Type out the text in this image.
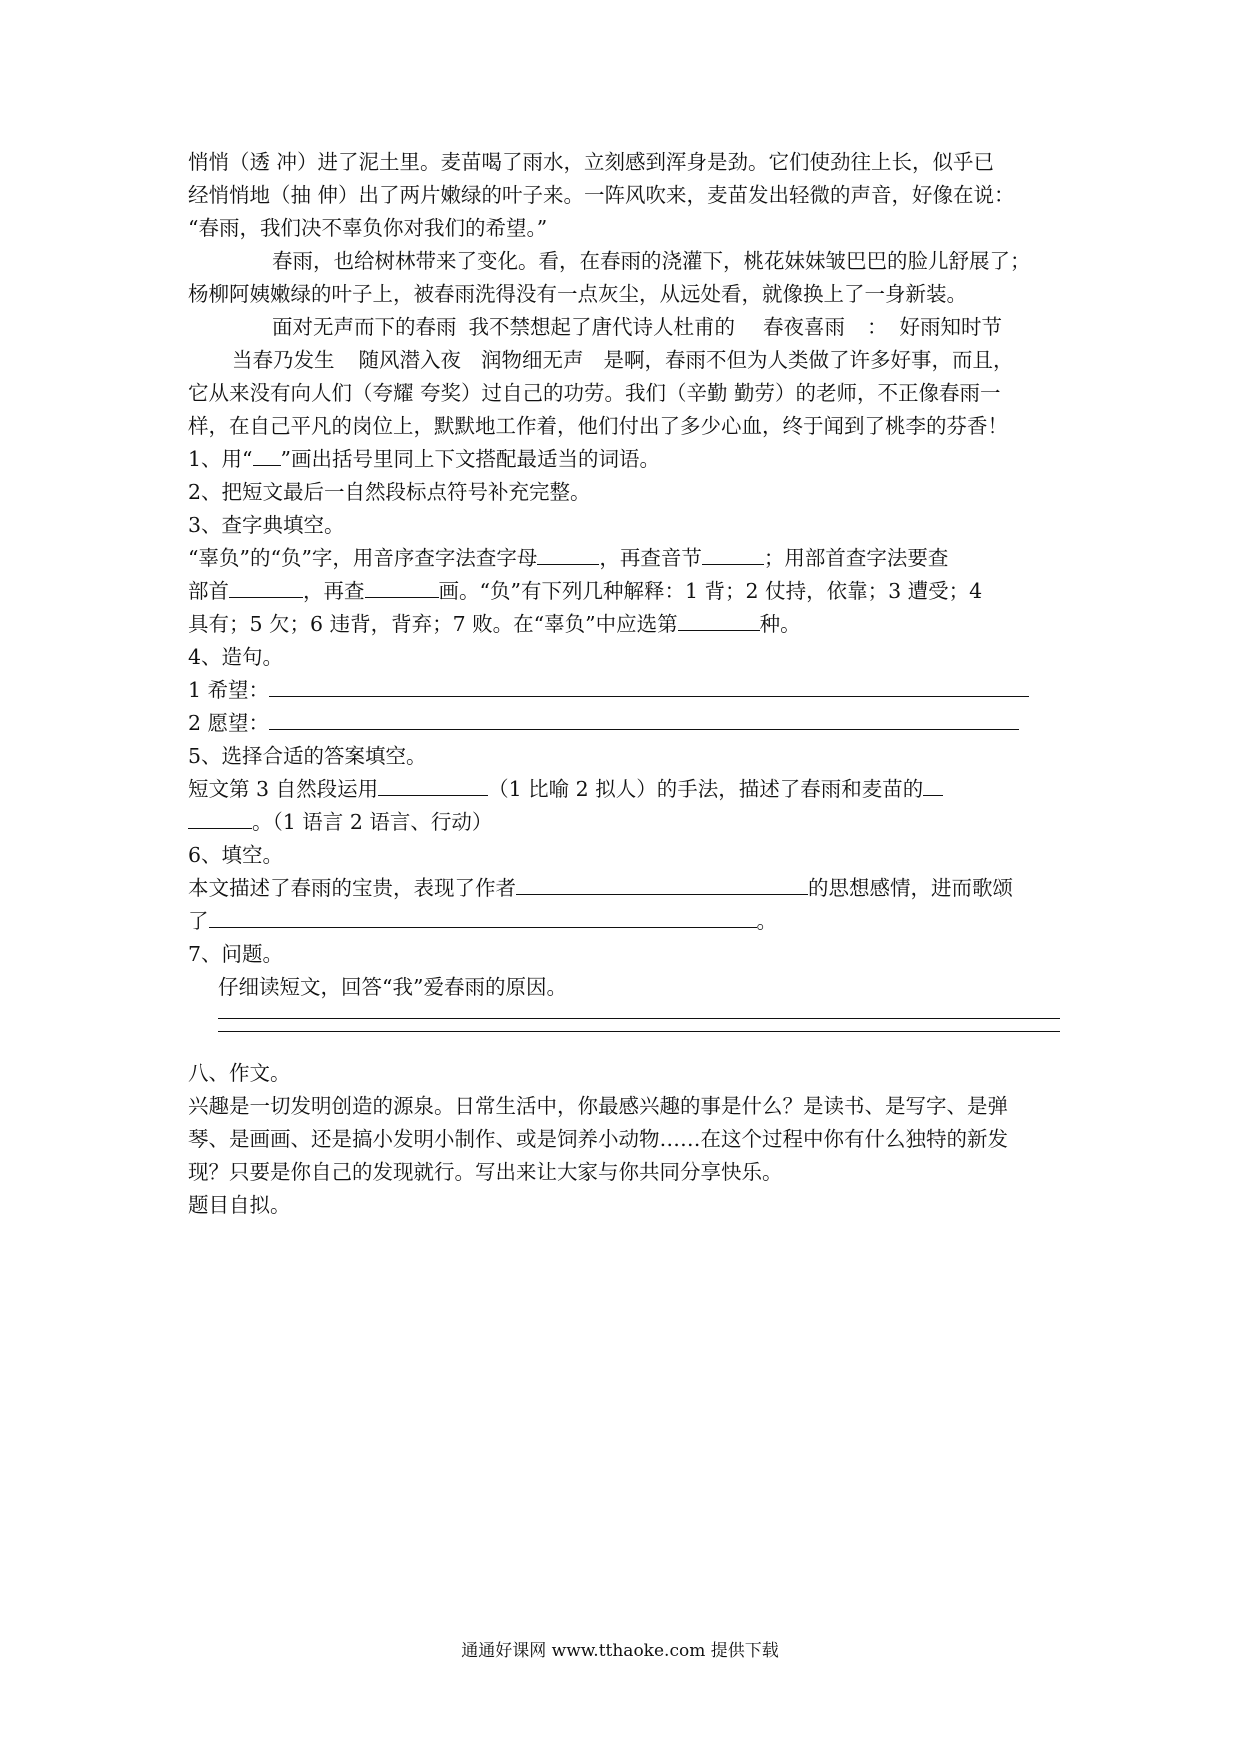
悄悄（透 冲）进了泥土里。麦苗喝了雨水，立刻感到浑身是劲。它们使劲往上长，似乎已
经悄悄地（抽 伸）出了两片嫩绿的叶子来。一阵风吹来，麦苗发出轻微的声音，好像在说：
“春雨，我们决不辜负你对我们的希望。”
春雨，也给树林带来了变化。看，在春雨的浇灌下，桃花妹妹皱巴巴的脸儿舒展了；
杨柳阿姨嫩绿的叶子上，被春雨洗得没有一点灰尘，从远处看，就像换上了一身新装。
面对无声而下的春雨 我不禁想起了唐代诗人杜甫的 春夜喜雨 ： 好雨知时节
当春乃发生 随风潜入夜 润物细无声 是啊，春雨不但为人类做了许多好事，而且，
它从来没有向人们（夸耀 夸奖）过自己的功劳。我们（辛勤 勤劳）的老师，不正像春雨一
样，在自己平凡的岗位上，默默地工作着，他们付出了多少心血，终于闻到了桃李的芬香！
1、用“ ”画出括号里同上下文搭配最适当的词语。
2、把短文最后一自然段标点符号补充完整。
3、查字典填空。
“辜负”的“负”字，用音序查字法查字母	，再查音节	；用部首查字法要查
部首	，再查	画。“负”有下列几种解释：1 背；2 仗持，依靠；3 遭受；4
具有；5 欠；6 违背，背弃；7 败。在“辜负”中应选第	种。
4、造句。
1 希望：
2 愿望：
5、选择合适的答案填空。
短文第 3 自然段运用	（1 比喻 2 拟人）的手法，描述了春雨和麦苗的
。（1 语言 2 语言、行动）
6、填空。
本文描述了春雨的宝贵，表现了作者	的思想感情，进而歌颂
了	。
7、问题。
仔细读短文，回答“我”爱春雨的原因。
八、作文。
兴趣是一切发明创造的源泉。日常生活中，你最感兴趣的事是什么？是读书、是写字、是弹
琴、是画画、还是搞小发明小制作、或是饲养小动物……在这个过程中你有什么独特的新发
现？只要是你自己的发现就行。写出来让大家与你共同分享快乐。
题目自拟。
通通好课网 www.tthaoke.com 提供下载
